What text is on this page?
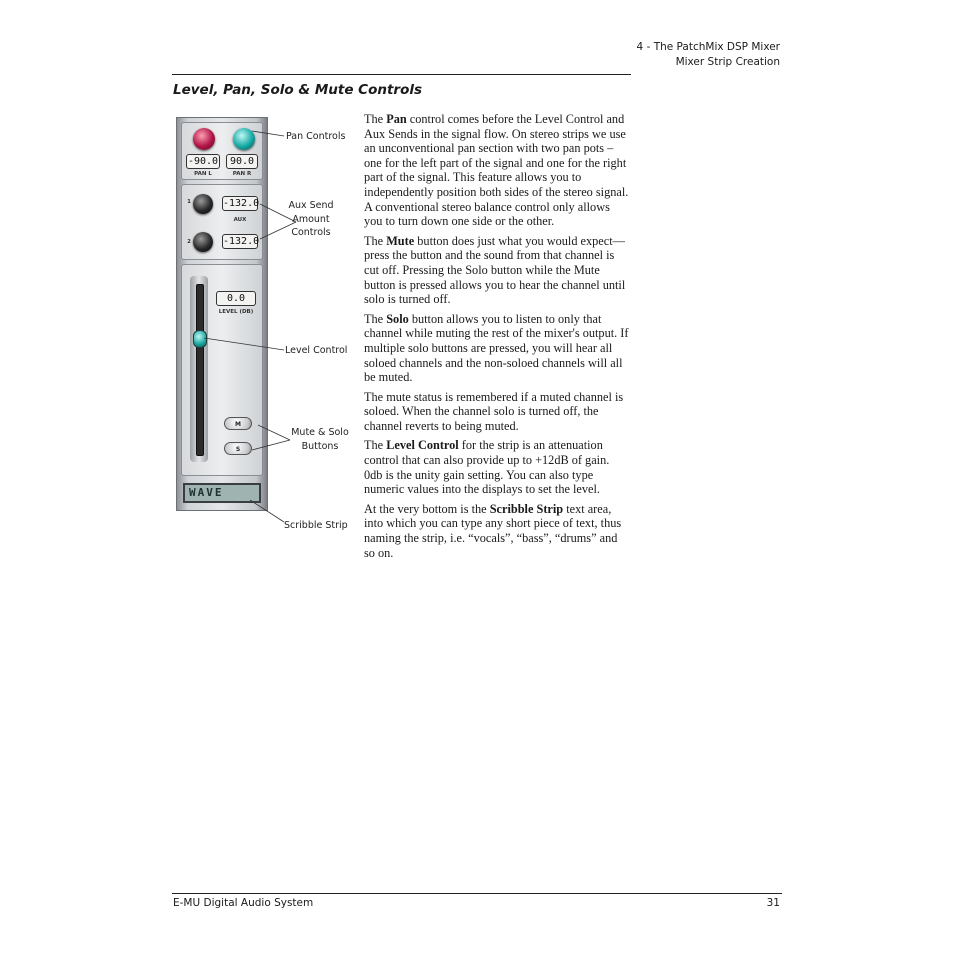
4 - The PatchMix DSP Mixer
Mixer Strip Creation
Level, Pan, Solo & Mute Controls
-90.0	90.0
PAN L	PAN R
1	-132.0
AUX
2	-132.0
0.0
LEVEL (DB)
M
S
WAVE
Pan Controls
Aux Send
Amount
Controls
Level Control
Mute & Solo
Buttons
Scribble Strip

The Pan control comes before the Level Control and Aux Sends in the signal flow. On stereo strips we use an unconventional pan section with two pan pots – one for the left part of the signal and one for the right part of the signal. This feature allows you to independently position both sides of the stereo signal. A conventional stereo balance control only allows you to turn down one side or the other.

The Mute button does just what you would expect—press the button and the sound from that channel is cut off. Pressing the Solo button while the Mute button is pressed allows you to hear the channel until solo is turned off.

The Solo button allows you to listen to only that channel while muting the rest of the mixer's output. If multiple solo buttons are pressed, you will hear all soloed channels and the non-soloed channels will all be muted.

The mute status is remembered if a muted channel is soloed. When the channel solo is turned off, the channel reverts to being muted.

The Level Control for the strip is an attenuation control that can also provide up to +12dB of gain. 0db is the unity gain setting. You can also type numeric values into the displays to set the level.

At the very bottom is the Scribble Strip text area, into which you can type any short piece of text, thus naming the strip, i.e. “vocals”, “bass”, “drums” and so on.

E-MU Digital Audio System	31
